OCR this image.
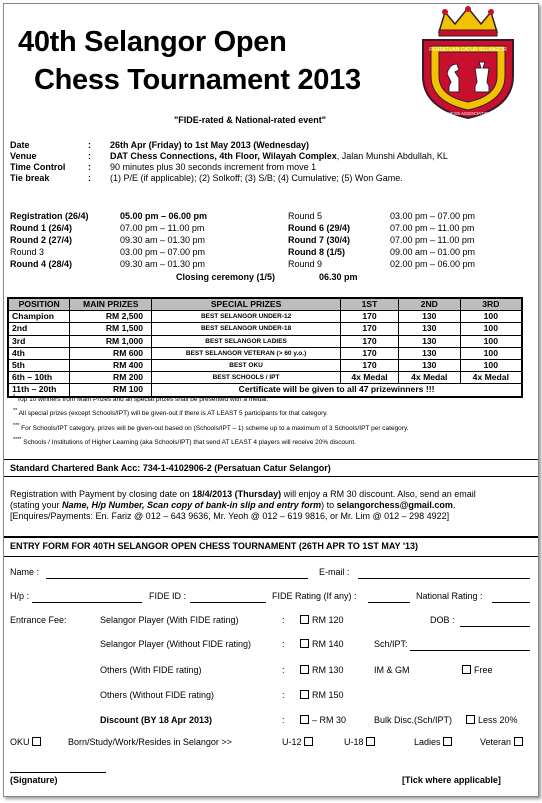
40th Selangor Open
Chess Tournament 2013
PERSATUAN CATUR SELANGOR
CHESS ASSOCIATION
"FIDE-rated & National-rated event"
Date	: 26th Apr (Friday) to 1st May 2013 (Wednesday)
Venue	: DAT Chess Connections, 4th Floor, Wilayah Complex, Jalan Munshi Abdullah, KL
Time Control	: 90 minutes plus 30 seconds increment from move 1
Tie break	: (1) P/E (if applicable); (2) Solkoff; (3) S/B; (4) Cumulative; (5) Won Game.
Registration (26/4)	05.00 pm – 06.00 pm
Round 1 (26/4)	07.00 pm – 11.00 pm
Round 2 (27/4)	09.30 am – 01.30 pm
Round 3	03.00 pm – 07.00 pm
Round 4 (28/4)	09.30 am – 01.30 pm
Round 5	03.00 pm – 07.00 pm
Round 6 (29/4)	07.00 pm – 11.00 pm
Round 7 (30/4)	07.00 pm – 11.00 pm
Round 8 (1/5)	09.00 am – 01.00 pm
Round 9	02.00 pm – 06.00 pm
Closing ceremony (1/5)	06.30 pm
POSITION	MAIN PRIZES	SPECIAL PRIZES	1ST	2ND	3RD
Champion	RM 2,500	BEST SELANGOR UNDER-12	170	130	100
2nd	RM 1,500	BEST SELANGOR UNDER-18	170	130	100
3rd	RM 1,000	BEST SELANGOR LADIES	170	130	100
4th	RM 600	BEST SELANGOR VETERAN (> 60 y.o.)	170	130	100
5th	RM 400	BEST OKU	170	130	100
6th – 10th	RM 200	BEST SCHOOLS / IPT	4x Medal	4x Medal	4x Medal
11th – 20th	RM 100	Certificate will be given to all 47 prizewinners !!!			
* Top 10 winners from Main Prizes and all special prizes shall be presented with a medal.
** All special prizes (except Schools/IPT) will be given-out if there is AT LEAST 5 participants for that category.
*** For Schools/IPT category, prizes will be given-out based on (Schools/IPT – 1) scheme up to a maximum of 3 Schools/IPT per category.
**** Schools / Institutions of Higher Learning (aka Schools/IPT) that send AT LEAST 4 players will receive 20% discount.
Standard Chartered Bank Acc: 734-1-4102906-2 (Persatuan Catur Selangor)
Registration with Payment by closing date on 18/4/2013 (Thursday) will enjoy a RM 30 discount. Also, send an email
(stating your Name, H/p Number, Scan copy of bank-in slip and entry form) to selangorchess@gmail.com.
[Enquires/Payments: En. Fariz @ 012 – 643 9636, Mr. Yeoh @ 012 – 619 9816, or Mr. Lim @ 012 – 298 4922]
ENTRY FORM FOR 40TH SELANGOR OPEN CHESS TOURNAMENT (26TH APR TO 1ST MAY '13)
Name :	E-mail :
H/p :	FIDE ID :	FIDE Rating (If any) :	National Rating :
Entrance Fee:	Selangor Player (With FIDE rating)	:	RM 120	DOB :
Selangor Player (Without FIDE rating)	:	RM 140	Sch/IPT:
Others (With FIDE rating)	:	RM 130	IM & GM	Free
Others (Without FIDE rating)	:	RM 150
Discount (BY 18 Apr 2013)	:	– RM 30	Bulk Disc.(Sch/IPT)	Less 20%
OKU	Born/Study/Work/Resides in Selangor >>	U-12	U-18	Ladies	Veteran
(Signature)	[Tick where applicable]
